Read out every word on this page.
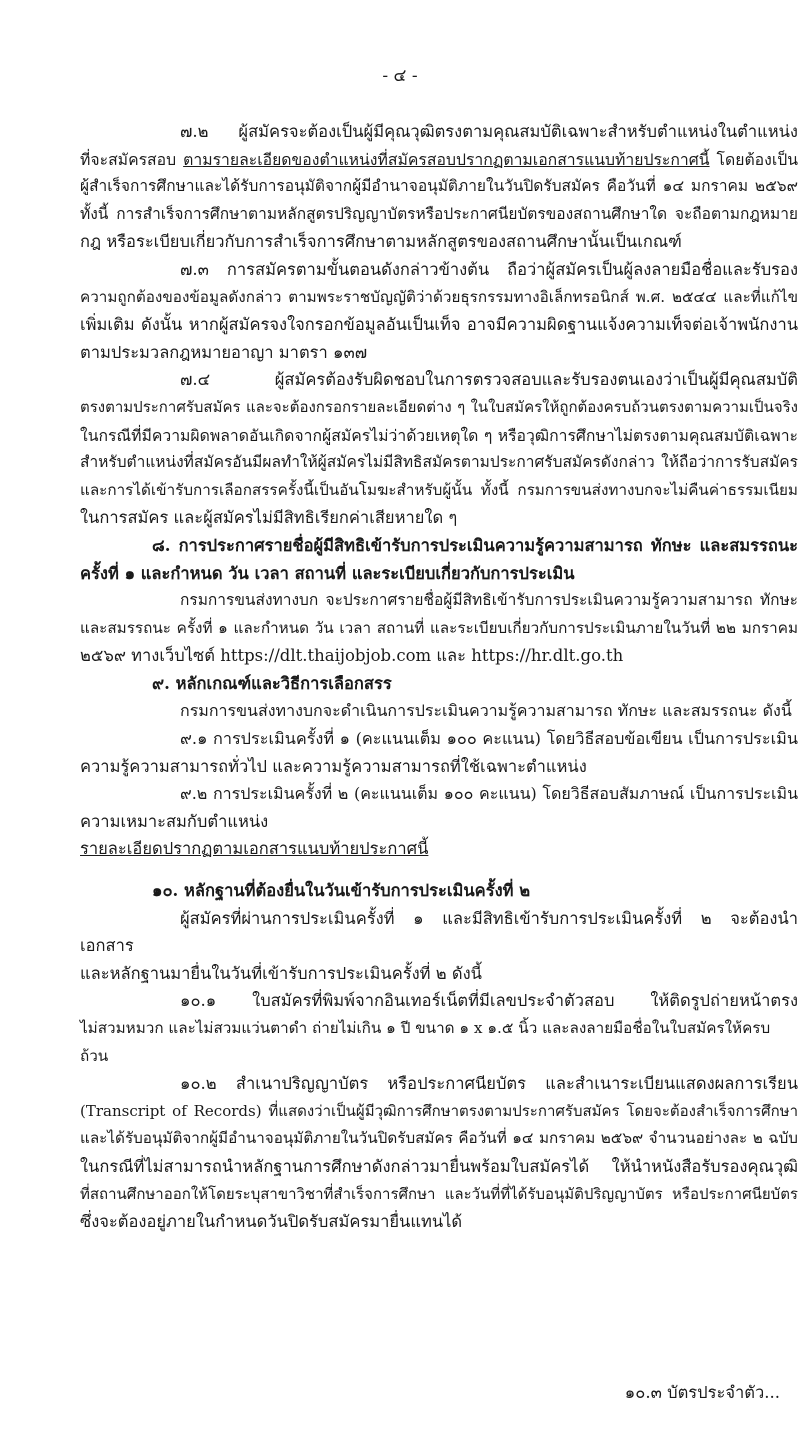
- ๔ -

๗.๒ ผู้สมัครจะต้องเป็นผู้มีคุณวุฒิตรงตามคุณสมบัติเฉพาะสำหรับตำแหน่งในตำแหน่ง

ที่จะสมัครสอบ ตามรายละเอียดของตำแหน่งที่สมัครสอบปรากฏตามเอกสารแนบท้ายประกาศนี้ โดยต้องเป็น

ผู้สำเร็จการศึกษาและได้รับการอนุมัติจากผู้มีอำนาจอนุมัติภายในวันปิดรับสมัคร คือวันที่ ๑๔ มกราคม ๒๕๖๙

ทั้งนี้ การสำเร็จการศึกษาตามหลักสูตรปริญญาบัตรหรือประกาศนียบัตรของสถานศึกษาใด จะถือตามกฎหมาย

กฎ หรือระเบียบเกี่ยวกับการสำเร็จการศึกษาตามหลักสูตรของสถานศึกษานั้นเป็นเกณฑ์

๗.๓ การสมัครตามขั้นตอนดังกล่าวข้างต้น ถือว่าผู้สมัครเป็นผู้ลงลายมือชื่อและรับรอง

ความถูกต้องของข้อมูลดังกล่าว ตามพระราชบัญญัติว่าด้วยธุรกรรมทางอิเล็กทรอนิกส์ พ.ศ. ๒๕๔๔ และที่แก้ไข

เพิ่มเติม ดังนั้น หากผู้สมัครจงใจกรอกข้อมูลอันเป็นเท็จ อาจมีความผิดฐานแจ้งความเท็จต่อเจ้าพนักงาน

ตามประมวลกฎหมายอาญา มาตรา ๑๓๗

๗.๔ ผู้สมัครต้องรับผิดชอบในการตรวจสอบและรับรองตนเองว่าเป็นผู้มีคุณสมบัติ

ตรงตามประกาศรับสมัคร และจะต้องกรอกรายละเอียดต่าง ๆ ในใบสมัครให้ถูกต้องครบถ้วนตรงตามความเป็นจริง

ในกรณีที่มีความผิดพลาดอันเกิดจากผู้สมัครไม่ว่าด้วยเหตุใด ๆ หรือวุฒิการศึกษาไม่ตรงตามคุณสมบัติเฉพาะ

สำหรับตำแหน่งที่สมัครอันมีผลทำให้ผู้สมัครไม่มีสิทธิสมัครตามประกาศรับสมัครดังกล่าว ให้ถือว่าการรับสมัคร

และการได้เข้ารับการเลือกสรรครั้งนี้เป็นอันโมฆะสำหรับผู้นั้น ทั้งนี้ กรมการขนส่งทางบกจะไม่คืนค่าธรรมเนียม

ในการสมัคร และผู้สมัครไม่มีสิทธิเรียกค่าเสียหายใด ๆ

๘. การประกาศรายชื่อผู้มีสิทธิเข้ารับการประเมินความรู้ความสามารถ ทักษะ และสมรรถนะ

ครั้งที่ ๑ และกำหนด วัน เวลา สถานที่ และระเบียบเกี่ยวกับการประเมิน

กรมการขนส่งทางบก จะประกาศรายชื่อผู้มีสิทธิเข้ารับการประเมินความรู้ความสามารถ ทักษะ

และสมรรถนะ ครั้งที่ ๑ และกำหนด วัน เวลา สถานที่ และระเบียบเกี่ยวกับการประเมินภายในวันที่ ๒๒ มกราคม

๒๕๖๙ ทางเว็บไซต์ https://dlt.thaijobjob.com และ https://hr.dlt.go.th

๙. หลักเกณฑ์และวิธีการเลือกสรร

กรมการขนส่งทางบกจะดำเนินการประเมินความรู้ความสามารถ ทักษะ และสมรรถนะ ดังนี้

๙.๑ การประเมินครั้งที่ ๑ (คะแนนเต็ม ๑๐๐ คะแนน) โดยวิธีสอบข้อเขียน เป็นการประเมิน

ความรู้ความสามารถทั่วไป และความรู้ความสามารถที่ใช้เฉพาะตำแหน่ง

๙.๒ การประเมินครั้งที่ ๒ (คะแนนเต็ม ๑๐๐ คะแนน) โดยวิธีสอบสัมภาษณ์ เป็นการประเมิน

ความเหมาะสมกับตำแหน่ง

รายละเอียดปรากฏตามเอกสารแนบท้ายประกาศนี้

๑๐. หลักฐานที่ต้องยื่นในวันเข้ารับการประเมินครั้งที่ ๒

ผู้สมัครที่ผ่านการประเมินครั้งที่ ๑ และมีสิทธิเข้ารับการประเมินครั้งที่ ๒ จะต้องนำเอกสาร

และหลักฐานมายื่นในวันที่เข้ารับการประเมินครั้งที่ ๒ ดังนี้

๑๐.๑ ใบสมัครที่พิมพ์จากอินเทอร์เน็ตที่มีเลขประจำตัวสอบ ให้ติดรูปถ่ายหน้าตรง

ไม่สวมหมวก และไม่สวมแว่นตาดำ ถ่ายไม่เกิน ๑ ปี ขนาด ๑ x ๑.๕ นิ้ว และลงลายมือชื่อในใบสมัครให้ครบถ้วน

๑๐.๒ สำเนาปริญญาบัตร หรือประกาศนียบัตร และสำเนาระเบียนแสดงผลการเรียน

(Transcript of Records) ที่แสดงว่าเป็นผู้มีวุฒิการศึกษาตรงตามประกาศรับสมัคร โดยจะต้องสำเร็จการศึกษา

และได้รับอนุมัติจากผู้มีอำนาจอนุมัติภายในวันปิดรับสมัคร คือวันที่ ๑๔ มกราคม ๒๕๖๙ จำนวนอย่างละ ๒ ฉบับ

ในกรณีที่ไม่สามารถนำหลักฐานการศึกษาดังกล่าวมายื่นพร้อมใบสมัครได้ ให้นำหนังสือรับรองคุณวุฒิ

ที่สถานศึกษาออกให้โดยระบุสาขาวิชาที่สำเร็จการศึกษา และวันที่ที่ได้รับอนุมัติปริญญาบัตร หรือประกาศนียบัตร

ซึ่งจะต้องอยู่ภายในกำหนดวันปิดรับสมัครมายื่นแทนได้

๑๐.๓ บัตรประจำตัว...
